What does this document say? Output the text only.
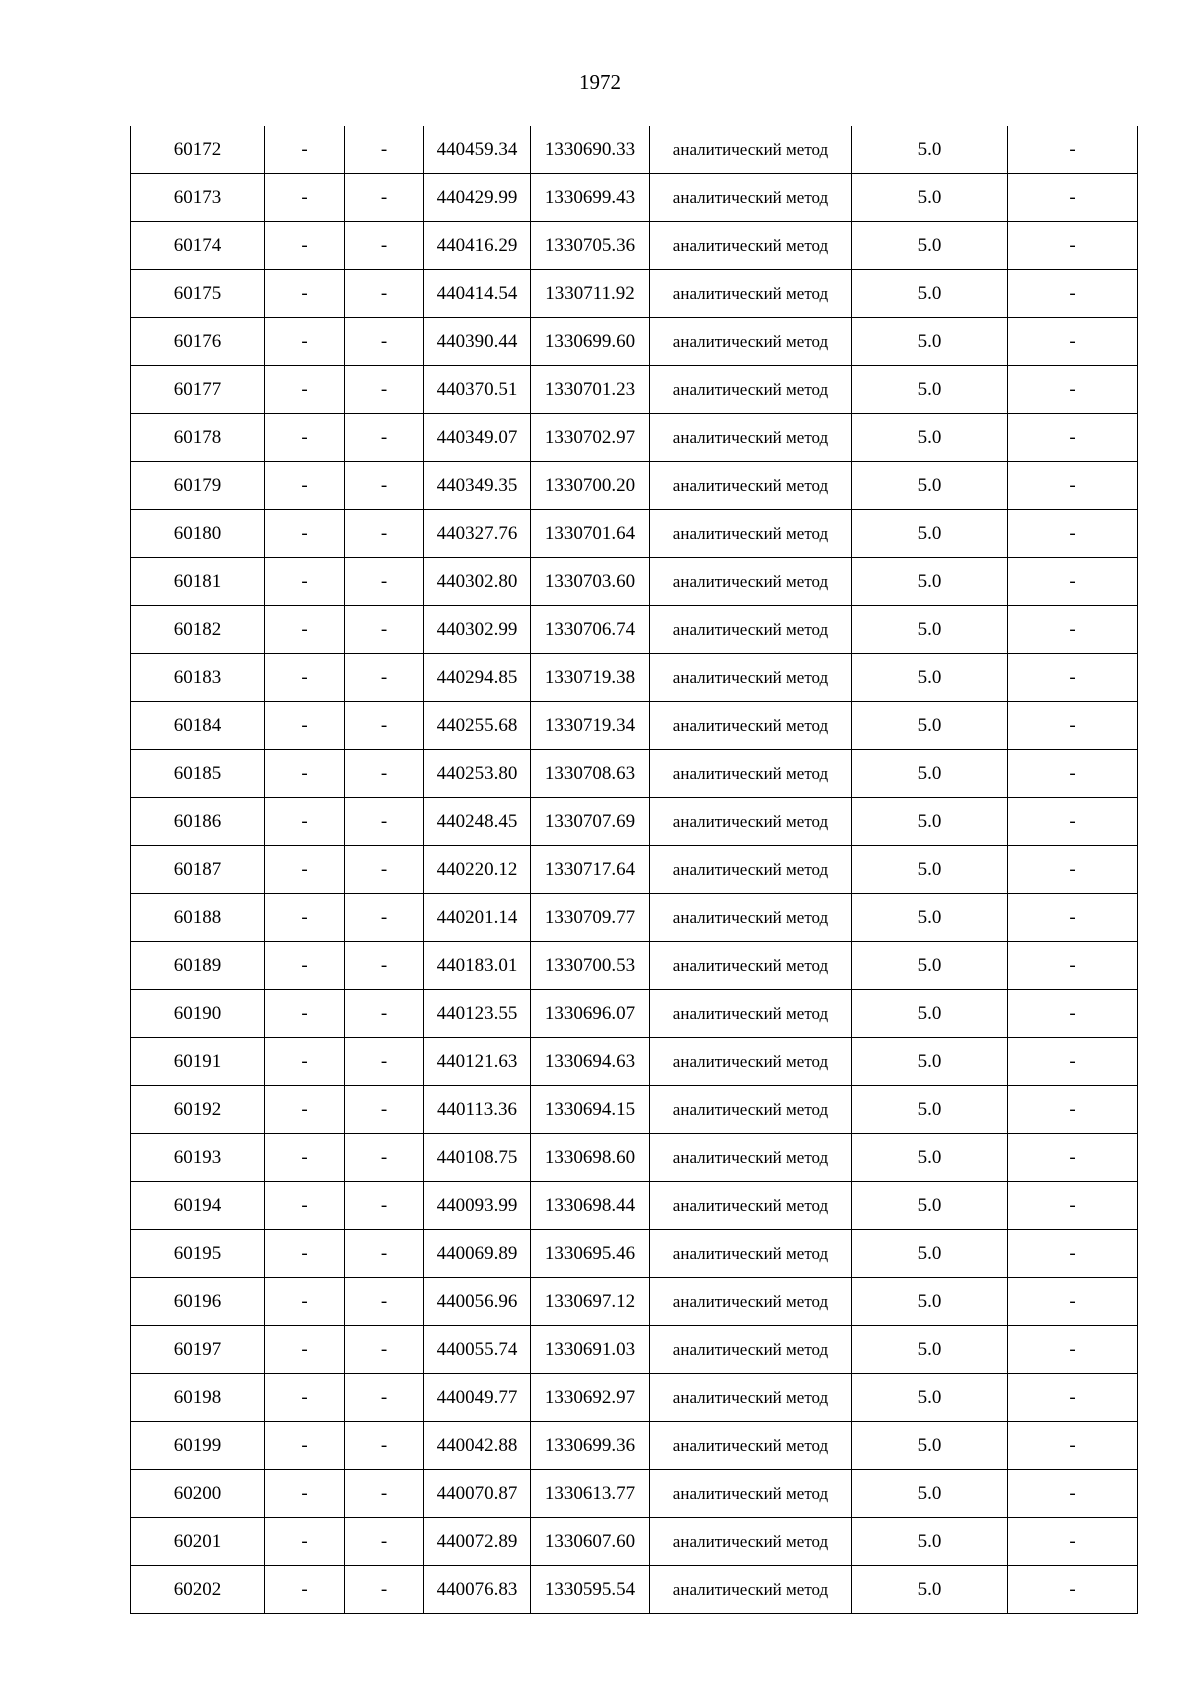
1972
60172	-	-	440459.34	1330690.33	аналитический метод	5.0	-
60173	-	-	440429.99	1330699.43	аналитический метод	5.0	-
60174	-	-	440416.29	1330705.36	аналитический метод	5.0	-
60175	-	-	440414.54	1330711.92	аналитический метод	5.0	-
60176	-	-	440390.44	1330699.60	аналитический метод	5.0	-
60177	-	-	440370.51	1330701.23	аналитический метод	5.0	-
60178	-	-	440349.07	1330702.97	аналитический метод	5.0	-
60179	-	-	440349.35	1330700.20	аналитический метод	5.0	-
60180	-	-	440327.76	1330701.64	аналитический метод	5.0	-
60181	-	-	440302.80	1330703.60	аналитический метод	5.0	-
60182	-	-	440302.99	1330706.74	аналитический метод	5.0	-
60183	-	-	440294.85	1330719.38	аналитический метод	5.0	-
60184	-	-	440255.68	1330719.34	аналитический метод	5.0	-
60185	-	-	440253.80	1330708.63	аналитический метод	5.0	-
60186	-	-	440248.45	1330707.69	аналитический метод	5.0	-
60187	-	-	440220.12	1330717.64	аналитический метод	5.0	-
60188	-	-	440201.14	1330709.77	аналитический метод	5.0	-
60189	-	-	440183.01	1330700.53	аналитический метод	5.0	-
60190	-	-	440123.55	1330696.07	аналитический метод	5.0	-
60191	-	-	440121.63	1330694.63	аналитический метод	5.0	-
60192	-	-	440113.36	1330694.15	аналитический метод	5.0	-
60193	-	-	440108.75	1330698.60	аналитический метод	5.0	-
60194	-	-	440093.99	1330698.44	аналитический метод	5.0	-
60195	-	-	440069.89	1330695.46	аналитический метод	5.0	-
60196	-	-	440056.96	1330697.12	аналитический метод	5.0	-
60197	-	-	440055.74	1330691.03	аналитический метод	5.0	-
60198	-	-	440049.77	1330692.97	аналитический метод	5.0	-
60199	-	-	440042.88	1330699.36	аналитический метод	5.0	-
60200	-	-	440070.87	1330613.77	аналитический метод	5.0	-
60201	-	-	440072.89	1330607.60	аналитический метод	5.0	-
60202	-	-	440076.83	1330595.54	аналитический метод	5.0	-
